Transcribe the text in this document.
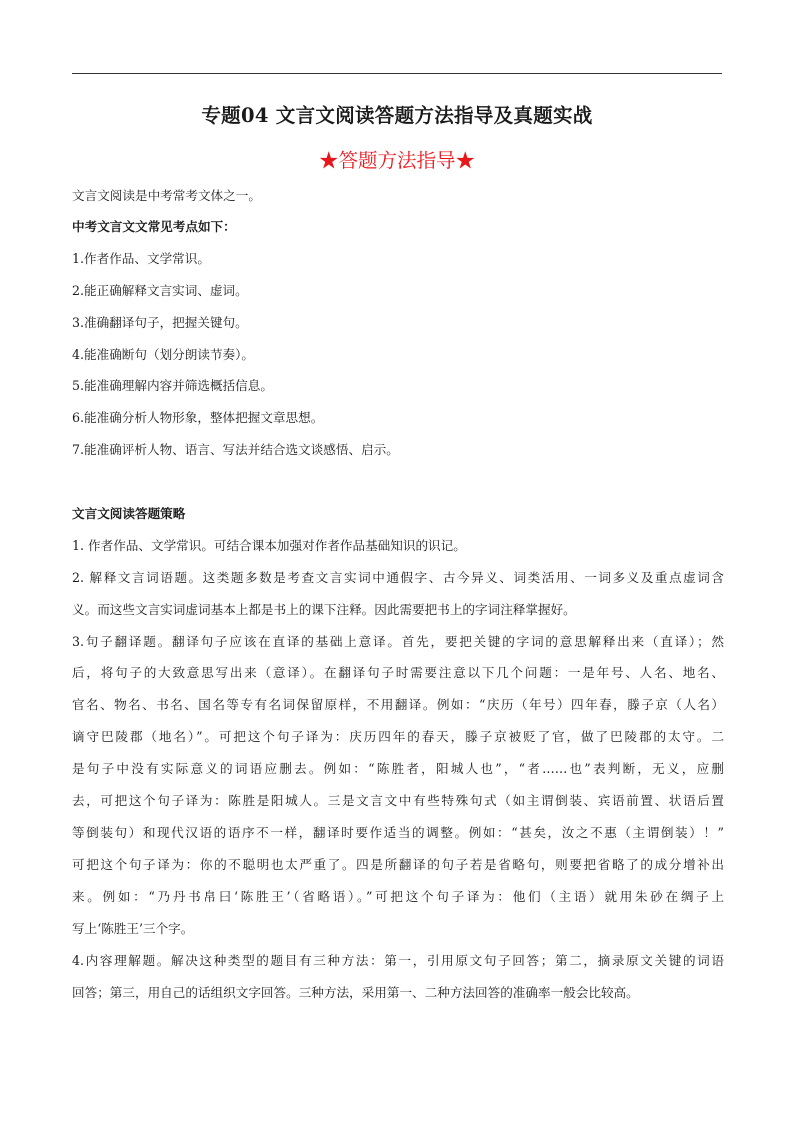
专题04 文言文阅读答题方法指导及真题实战
★答题方法指导★
文言文阅读是中考常考文体之一。
中考文言文文常见考点如下：
1.作者作品、文学常识。
2.能正确解释文言实词、虚词。
3.准确翻译句子，把握关键句。
4.能准确断句（划分朗读节奏）。
5.能准确理解内容并筛选概括信息。
6.能准确分析人物形象，整体把握文章思想。
7.能准确评析人物、语言、写法并结合选文谈感悟、启示。
文言文阅读答题策略
1. 作者作品、文学常识。可结合课本加强对作者作品基础知识的识记。
2. 解释文言词语题。这类题多数是考查文言实词中通假字、古今异义、词类活用、一词多义及重点虚词含
义。而这些文言实词虚词基本上都是书上的课下注释。因此需要把书上的字词注释掌握好。
3.句子翻译题。翻译句子应该在直译的基础上意译。首先，要把关键的字词的意思解释出来（直译）；然
后，将句子的大致意思写出来（意译）。在翻译句子时需要注意以下几个问题：一是年号、人名、地名、
官名、物名、书名、国名等专有名词保留原样，不用翻译。例如：“庆历（年号）四年春，滕子京（人名）
谪守巴陵郡（地名）”。可把这个句子译为：庆历四年的春天，滕子京被贬了官，做了巴陵郡的太守。二
是句子中没有实际意义的词语应删去。例如：“陈胜者，阳城人也”，“者……也”表判断，无义，应删
去，可把这个句子译为：陈胜是阳城人。三是文言文中有些特殊句式（如主谓倒装、宾语前置、状语后置
等倒装句）和现代汉语的语序不一样，翻译时要作适当的调整。例如：“甚矣，汝之不惠（主谓倒装）！”
可把这个句子译为：你的不聪明也太严重了。四是所翻译的句子若是省略句，则要把省略了的成分增补出
来。例如：“乃丹书帛曰‘陈胜王’（省略语）。”可把这个句子译为：他们（主语）就用朱砂在绸子上
写上‘陈胜王’三个字。
4.内容理解题。解决这种类型的题目有三种方法：第一，引用原文句子回答；第二，摘录原文关键的词语
回答；第三，用自己的话组织文字回答。三种方法，采用第一、二种方法回答的准确率一般会比较高。
